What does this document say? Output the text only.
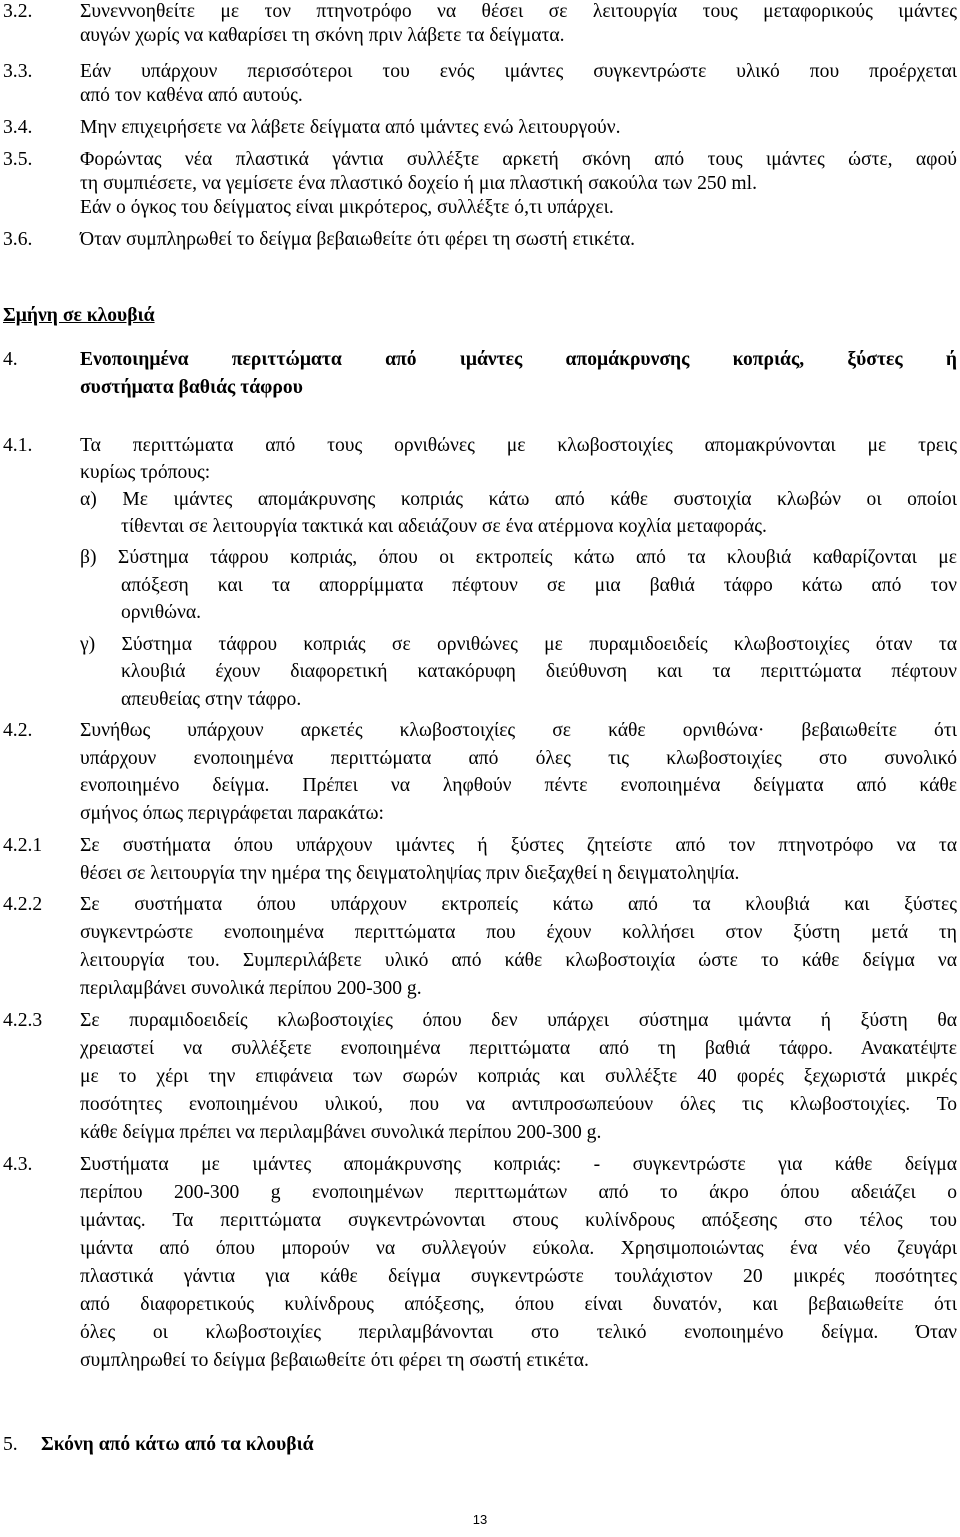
3.2. Συνεννοηθείτε με τον πτηνοτρόφο να θέσει σε λειτουργία τους μεταφορικούς ιμάντες
αυγών χωρίς να καθαρίσει τη σκόνη πριν λάβετε τα δείγματα.
3.3. Εάν υπάρχουν περισσότεροι του ενός ιμάντες συγκεντρώστε υλικό που προέρχεται
από τον καθένα από αυτούς.
3.4. Μην επιχειρήσετε να λάβετε δείγματα από ιμάντες ενώ λειτουργούν.
3.5. Φορώντας νέα πλαστικά γάντια συλλέξτε αρκετή σκόνη από τους ιμάντες ώστε, αφού
τη συμπιέσετε, να γεμίσετε ένα πλαστικό δοχείο ή μια πλαστική σακούλα των 250 ml.
Εάν ο όγκος του δείγματος είναι μικρότερος, συλλέξτε ό,τι υπάρχει.
3.6. Όταν συμπληρωθεί το δείγμα βεβαιωθείτε ότι φέρει τη σωστή ετικέτα.
Σμήνη σε κλουβιά
4.	Ενοποιημένα περιττώματα από ιμάντες απομάκρυνσης κοπριάς, ξύστες ή
συστήματα βαθιάς τάφρου
4.1. Τα περιττώματα από τους ορνιθώνες με κλωβοστοιχίες απομακρύνονται με τρεις
κυρίως τρόπους:
α) Με ιμάντες απομάκρυνσης κοπριάς κάτω από κάθε συστοιχία κλωβών οι οποίοι
τίθενται σε λειτουργία τακτικά και αδειάζουν σε ένα ατέρμονα κοχλία μεταφοράς.
β) Σύστημα τάφρου κοπριάς, όπου οι εκτροπείς κάτω από τα κλουβιά καθαρίζονται με
απόξεση και τα απορρίμματα πέφτουν σε μια βαθιά τάφρο κάτω από τον
ορνιθώνα.
γ) Σύστημα τάφρου κοπριάς σε ορνιθώνες με πυραμιδοειδείς κλωβοστοιχίες όταν τα
κλουβιά έχουν διαφορετική κατακόρυφη διεύθυνση και τα περιττώματα πέφτουν
απευθείας στην τάφρο.
4.2. Συνήθως υπάρχουν αρκετές κλωβοστοιχίες σε κάθε ορνιθώνα· βεβαιωθείτε ότι
υπάρχουν ενοποιημένα περιττώματα από όλες τις κλωβοστοιχίες στο συνολικό
ενοποιημένο δείγμα. Πρέπει να ληφθούν πέντε ενοποιημένα δείγματα από κάθε
σμήνος όπως περιγράφεται παρακάτω:
4.2.1 Σε συστήματα όπου υπάρχουν ιμάντες ή ξύστες ζητείστε από τον πτηνοτρόφο να τα
θέσει σε λειτουργία την ημέρα της δειγματοληψίας πριν διεξαχθεί η δειγματοληψία.
4.2.2 Σε συστήματα όπου υπάρχουν εκτροπείς κάτω από τα κλουβιά και ξύστες
συγκεντρώστε ενοποιημένα περιττώματα που έχουν κολλήσει στον ξύστη μετά τη
λειτουργία του. Συμπεριλάβετε υλικό από κάθε κλωβοστοιχία ώστε το κάθε δείγμα να
περιλαμβάνει συνολικά περίπου 200-300 g.
4.2.3 Σε πυραμιδοειδείς κλωβοστοιχίες όπου δεν υπάρχει σύστημα ιμάντα ή ξύστη θα
χρειαστεί να συλλέξετε ενοποιημένα περιττώματα από τη βαθιά τάφρο. Ανακατέψτε
με το χέρι την επιφάνεια των σωρών κοπριάς και συλλέξτε 40 φορές ξεχωριστά μικρές
ποσότητες ενοποιημένου υλικού, που να αντιπροσωπεύουν όλες τις κλωβοστοιχίες. Το
κάθε δείγμα πρέπει να περιλαμβάνει συνολικά περίπου 200-300 g.
4.3. Συστήματα με ιμάντες απομάκρυνσης κοπριάς: - συγκεντρώστε για κάθε δείγμα
περίπου 200-300 g ενοποιημένων περιττωμάτων από το άκρο όπου αδειάζει ο
ιμάντας. Τα περιττώματα συγκεντρώνονται στους κυλίνδρους απόξεσης στο τέλος του
ιμάντα από όπου μπορούν να συλλεγούν εύκολα. Χρησιμοποιώντας ένα νέο ζευγάρι
πλαστικά γάντια για κάθε δείγμα συγκεντρώστε τουλάχιστον 20 μικρές ποσότητες
από διαφορετικούς κυλίνδρους απόξεσης, όπου είναι δυνατόν, και βεβαιωθείτε ότι
όλες οι κλωβοστοιχίες περιλαμβάνονται στο τελικό ενοποιημένο δείγμα. Όταν
συμπληρωθεί το δείγμα βεβαιωθείτε ότι φέρει τη σωστή ετικέτα.
5. Σκόνη από κάτω από τα κλουβιά
13
